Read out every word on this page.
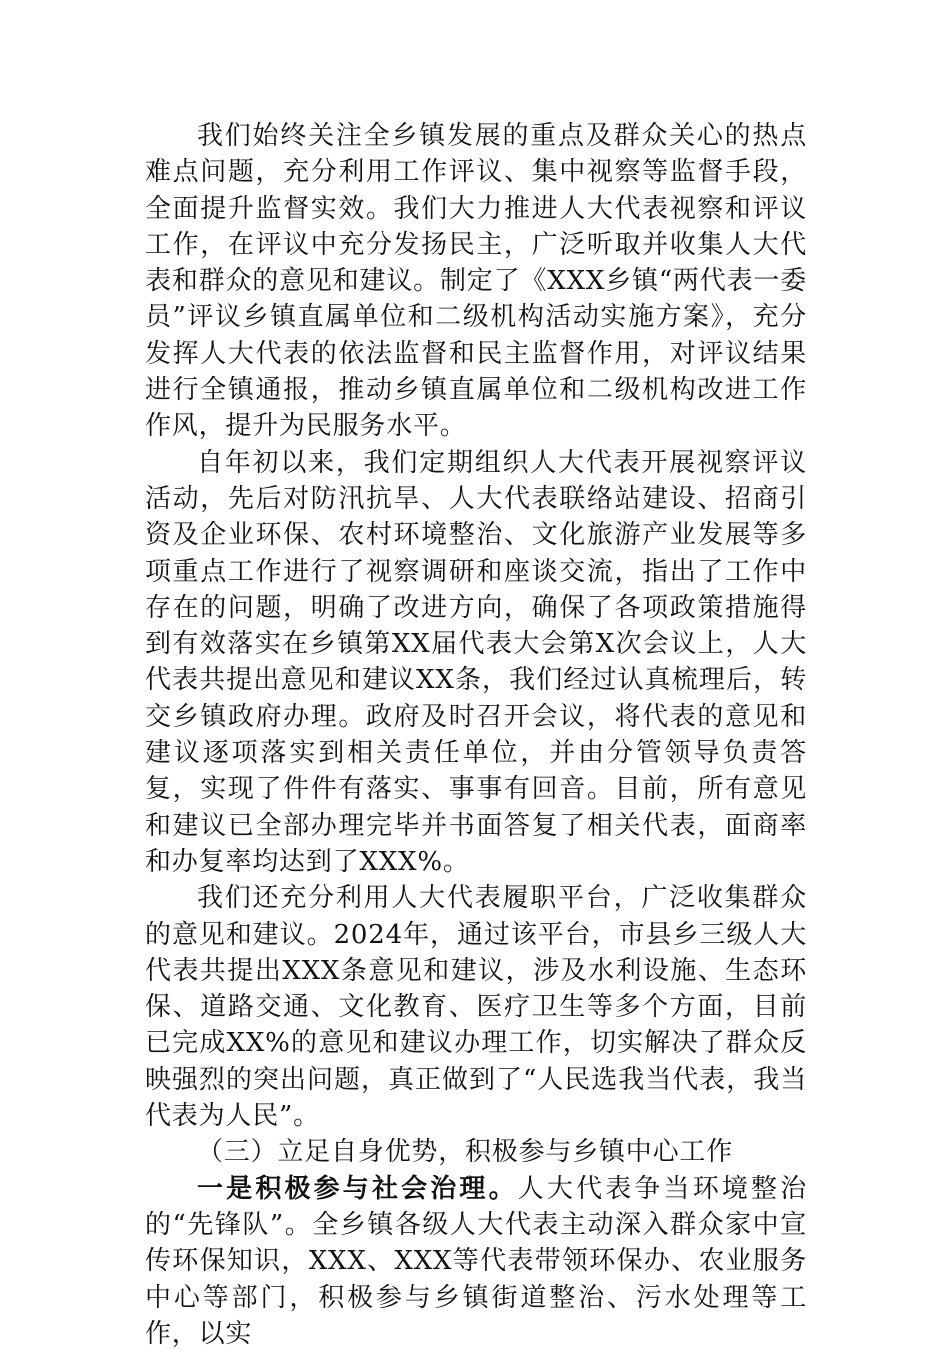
我们始终关注全乡镇发展的重点及群众关心的热点难点问题，充分利用工作评议、集中视察等监督手段，全面提升监督实效。我们大力推进人大代表视察和评议工作，在评议中充分发扬民主，广泛听取并收集人大代表和群众的意见和建议。制定了《XXX乡镇“两代表一委员”评议乡镇直属单位和二级机构活动实施方案》，充分发挥人大代表的依法监督和民主监督作用，对评议结果进行全镇通报，推动乡镇直属单位和二级机构改进工作作风，提升为民服务水平。

自年初以来，我们定期组织人大代表开展视察评议活动，先后对防汛抗旱、人大代表联络站建设、招商引资及企业环保、农村环境整治、文化旅游产业发展等多项重点工作进行了视察调研和座谈交流，指出了工作中存在的问题，明确了改进方向，确保了各项政策措施得到有效落实在乡镇第XX届代表大会第X次会议上，人大代表共提出意见和建议XX条，我们经过认真梳理后，转交乡镇政府办理。政府及时召开会议，将代表的意见和建议逐项落实到相关责任单位，并由分管领导负责答复，实现了件件有落实、事事有回音。目前，所有意见和建议已全部办理完毕并书面答复了相关代表，面商率和办复率均达到了XXX%。

我们还充分利用人大代表履职平台，广泛收集群众的意见和建议。2024年，通过该平台，市县乡三级人大代表共提出XXX条意见和建议，涉及水利设施、生态环保、道路交通、文化教育、医疗卫生等多个方面，目前已完成XX%的意见和建议办理工作，切实解决了群众反映强烈的突出问题，真正做到了“人民选我当代表，我当代表为人民”。

（三）立足自身优势，积极参与乡镇中心工作

一是积极参与社会治理。人大代表争当环境整治的“先锋队”。全乡镇各级人大代表主动深入群众家中宣传环保知识，XXX、XXX等代表带领环保办、农业服务中心等部门，积极参与乡镇街道整治、污水处理等工作，以实
